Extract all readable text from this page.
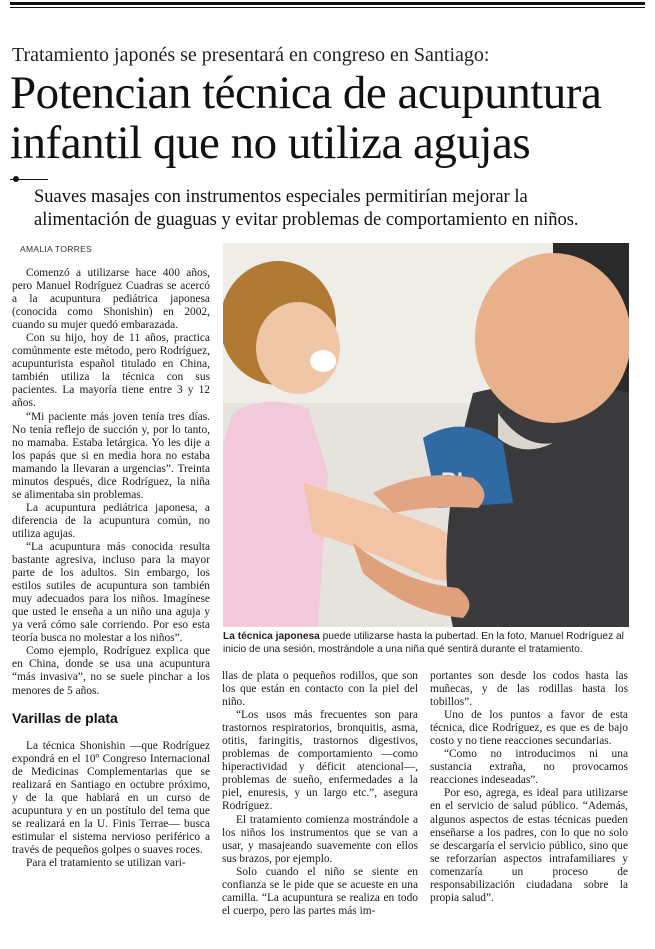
Tratamiento japonés se presentará en congreso en Santiago:
Potencian técnica de acupuntura
infantil que no utiliza agujas
Suaves masajes con instrumentos especiales permitirían mejorar la
alimentación de guaguas y evitar problemas de comportamiento en niños.
AMALIA TORRES

Comenzó a utilizarse hace 400 años, pero Manuel Rodríguez Cuadras se acercó a la acupuntura pediátrica japonesa (conocida como Shonishin) en 2002, cuando su mujer quedó embarazada.

Con su hijo, hoy de 11 años, practica comúnmente este método, pero Rodríguez, acupunturista español titulado en China, también utiliza la técnica con sus pacientes. La mayoría tiene entre 3 y 12 años.

“Mi paciente más joven tenía tres días. No tenía reflejo de succión y, por lo tanto, no mamaba. Estaba letárgica. Yo les dije a los papás que si en media hora no estaba mamando la llevaran a urgencias”. Treinta minutos después, dice Rodríguez, la niña se alimentaba sin problemas.

La acupuntura pediátrica japonesa, a diferencia de la acupuntura común, no utiliza agujas.

“La acupuntura más conocida resulta bastante agresiva, incluso para la mayor parte de los adultos. Sin embargo, los estilos sutiles de acupuntura son también muy adecuados para los niños. Imagínese que usted le enseña a un niño una aguja y ya verá cómo sale corriendo. Por eso esta teoría busca no molestar a los niños”.

Como ejemplo, Rodríguez explica que en China, donde se usa una acupuntura “más invasiva”, no se suele pinchar a los menores de 5 años.

Varillas de plata

La técnica Shonishin —que Rodríguez expondrá en el 10º Congreso Internacional de Medicinas Complementarias que se realizará en Santiago en octubre próximo, y de la que hablará en un curso de acupuntura y en un postítulo del tema que se realizará en la U. Finis Terrae— busca estimular el sistema nervioso periférico a través de pequeños golpes o suaves roces.

Para el tratamiento se utilizan vari-

La técnica japonesa puede utilizarse hasta la pubertad. En la foto, Manuel Rodríguez al inicio de una sesión, mostrándole a una niña qué sentirá durante el tratamiento.

llas de plata o pequeños rodillos, que son los que están en contacto con la piel del niño.

“Los usos más frecuentes son para trastornos respiratorios, bronquitis, asma, otitis, faringitis, trastornos digestivos, problemas de comportamiento —como hiperactividad y déficit atencional—, problemas de sueño, enfermedades a la piel, enuresis, y un largo etc.”, asegura Rodríguez.

El tratamiento comienza mostrándole a los niños los instrumentos que se van a usar, y masajeando suavemente con ellos sus brazos, por ejemplo.

Solo cuando el niño se siente en confianza se le pide que se acueste en una camilla. “La acupuntura se realiza en todo el cuerpo, pero las partes más im-

portantes son desde los codos hasta las muñecas, y de las rodillas hasta los tobillos”.

Uno de los puntos a favor de esta técnica, dice Rodríguez, es que es de bajo costo y no tiene reacciones secundarias.

“Como no introducimos ni una sustancia extraña, no provocamos reacciones indeseadas”.

Por eso, agrega, es ideal para utilizarse en el servicio de salud público. “Además, algunos aspectos de estas técnicas pueden enseñarse a los padres, con lo que no solo se descargaría el servicio público, sino que se reforzarían aspectos intrafamiliares y comenzaría un proceso de responsabilización ciudadana sobre la propia salud”.
